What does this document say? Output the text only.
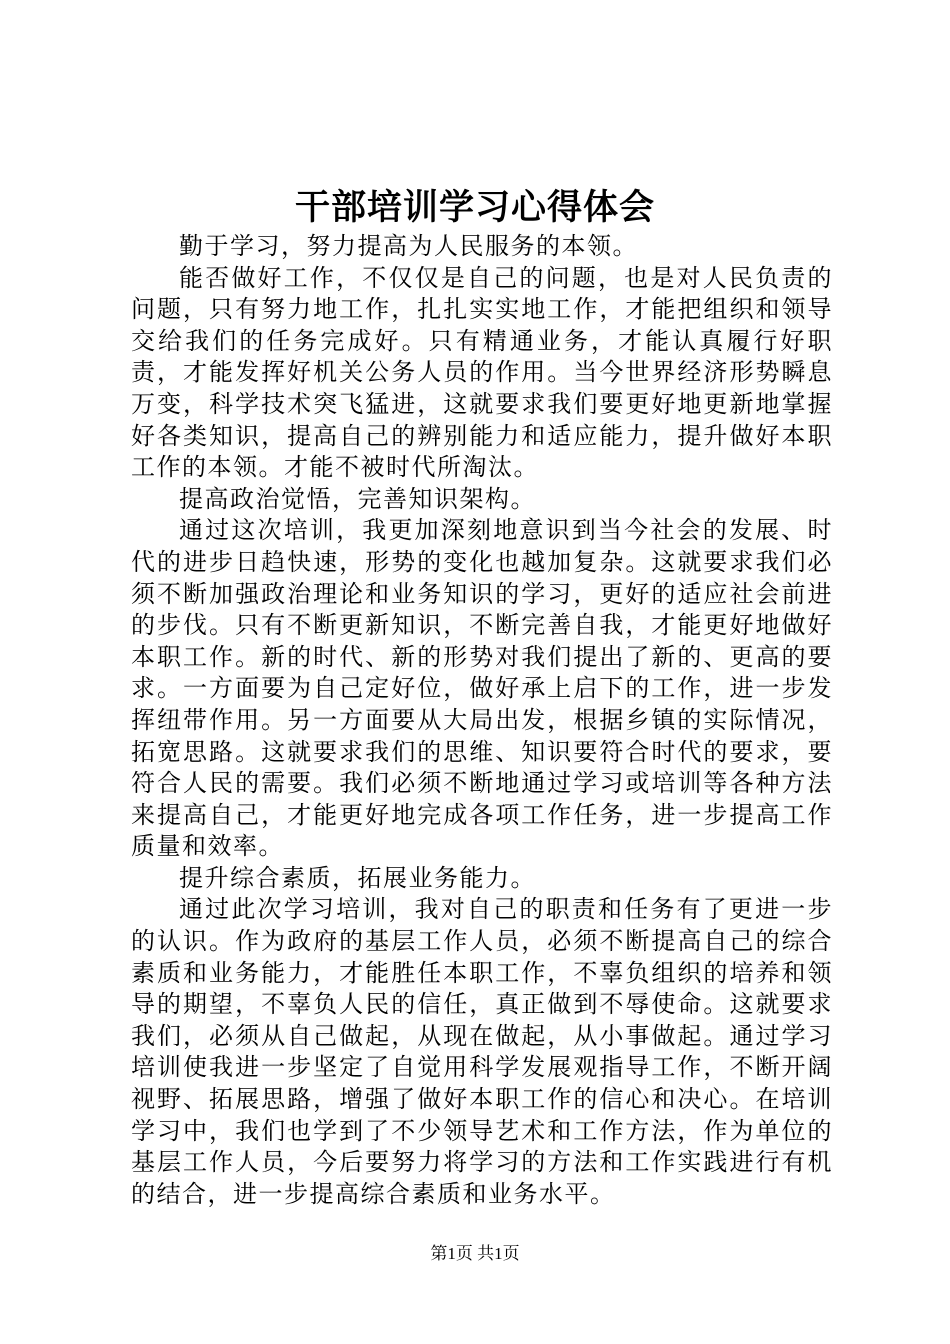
干部培训学习心得体会

勤于学习，努力提高为人民服务的本领。

能否做好工作，不仅仅是自己的问题，也是对人民负责的问题，只有努力地工作，扎扎实实地工作，才能把组织和领导交给我们的任务完成好。只有精通业务，才能认真履行好职责，才能发挥好机关公务人员的作用。当今世界经济形势瞬息万变，科学技术突飞猛进，这就要求我们要更好地更新地掌握好各类知识，提高自己的辨别能力和适应能力，提升做好本职工作的本领。才能不被时代所淘汰。

提高政治觉悟，完善知识架构。

通过这次培训，我更加深刻地意识到当今社会的发展、时代的进步日趋快速，形势的变化也越加复杂。这就要求我们必须不断加强政治理论和业务知识的学习，更好的适应社会前进的步伐。只有不断更新知识，不断完善自我，才能更好地做好本职工作。新的时代、新的形势对我们提出了新的、更高的要求。一方面要为自己定好位，做好承上启下的工作，进一步发挥纽带作用。另一方面要从大局出发，根据乡镇的实际情况，拓宽思路。这就要求我们的思维、知识要符合时代的要求，要符合人民的需要。我们必须不断地通过学习或培训等各种方法来提高自己，才能更好地完成各项工作任务，进一步提高工作质量和效率。

提升综合素质，拓展业务能力。

通过此次学习培训，我对自己的职责和任务有了更进一步的认识。作为政府的基层工作人员，必须不断提高自己的综合素质和业务能力，才能胜任本职工作，不辜负组织的培养和领导的期望，不辜负人民的信任，真正做到不辱使命。这就要求我们，必须从自己做起，从现在做起，从小事做起。通过学习培训使我进一步坚定了自觉用科学发展观指导工作，不断开阔视野、拓展思路，增强了做好本职工作的信心和决心。在培训学习中，我们也学到了不少领导艺术和工作方法，作为单位的基层工作人员，今后要努力将学习的方法和工作实践进行有机的结合，进一步提高综合素质和业务水平。

第1页 共1页
